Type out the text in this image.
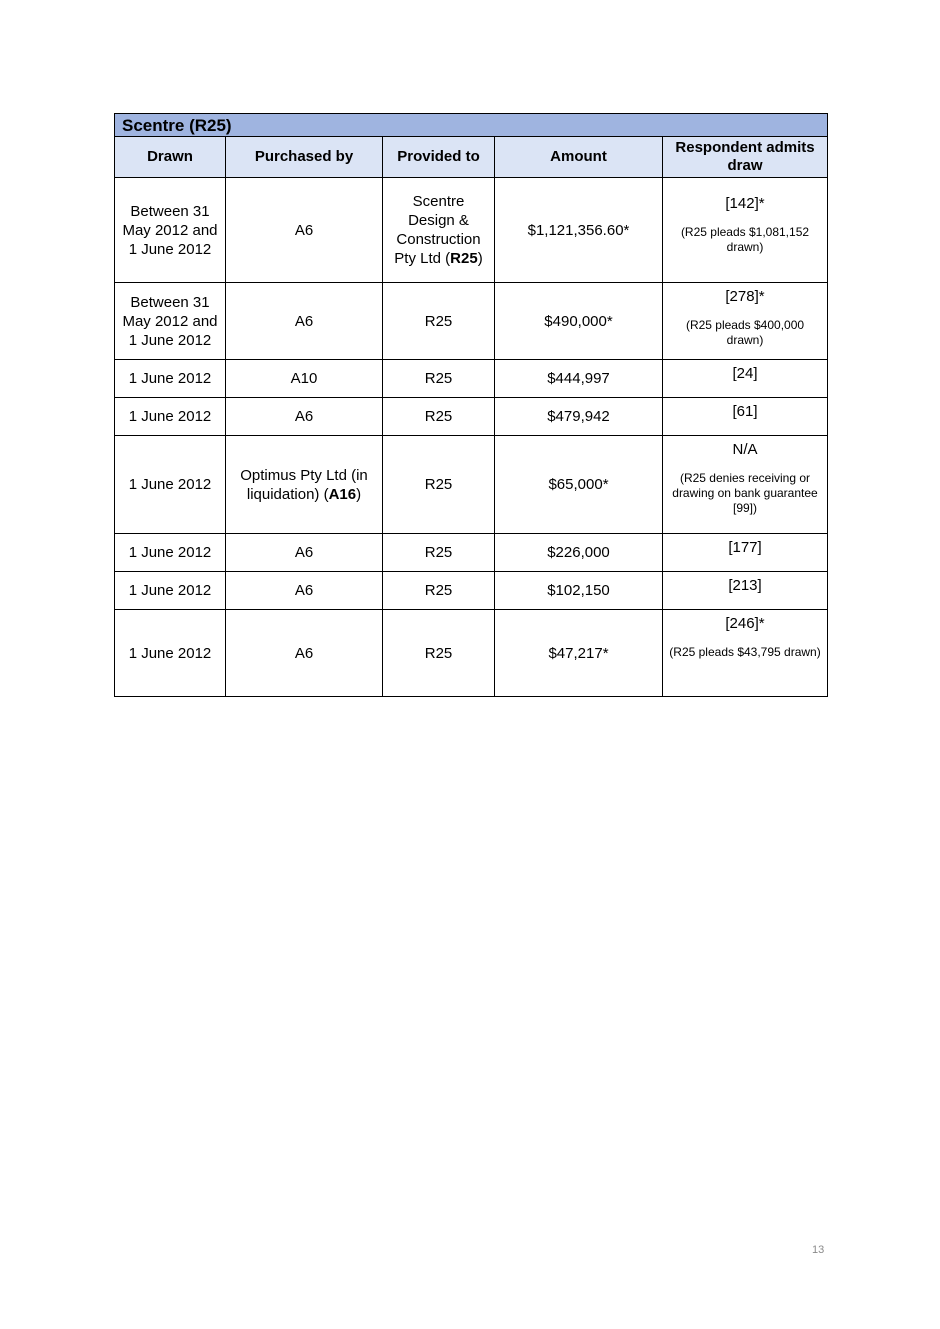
Scentre (R25)				
Drawn	Purchased by	Provided to	Amount	Respondent admits draw
Between 31 May 2012 and 1 June 2012	A6	Scentre Design & Construction Pty Ltd (R25)	$1,121,356.60*	[142]*
(R25 pleads $1,081,152 drawn)

Between 31 May 2012 and 1 June 2012	A6	R25	$490,000*	[278]*
(R25 pleads $400,000 drawn)

1 June 2012	A10	R25	$444,997	[24]

1 June 2012	A6	R25	$479,942	[61]

1 June 2012	Optimus Pty Ltd (in liquidation) (A16)	R25	$65,000*	N/A
(R25 denies receiving or drawing on bank guarantee [99])

1 June 2012	A6	R25	$226,000	[177]

1 June 2012	A6	R25	$102,150	[213]

1 June 2012	A6	R25	$47,217*	[246]*
(R25 pleads $43,795 drawn)
13
